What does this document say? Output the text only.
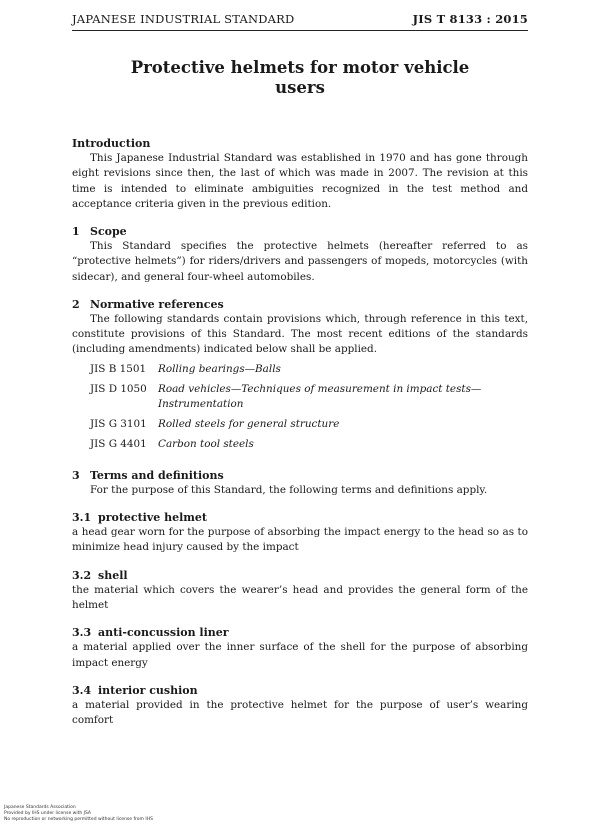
JAPANESE INDUSTRIAL STANDARD	JIS T 8133 : 2015
Protective helmets for motor vehicle
users

Introduction

This Japanese Industrial Standard was established in 1970 and has gone through eight revisions since then, the last of which was made in 2007. The revision at this time is intended to eliminate ambiguities recognized in the test method and acceptance criteria given in the previous edition.

1 Scope

This Standard specifies the protective helmets (hereafter referred to as “protective helmets”) for riders/drivers and passengers of mopeds, motorcycles (with sidecar), and general four-wheel automobiles.

2 Normative references

The following standards contain provisions which, through reference in this text, constitute provisions of this Standard. The most recent editions of the standards (including amendments) indicated below shall be applied.

JIS B 1501	Rolling bearings—Balls
JIS D 1050	Road vehicles—Techniques of measurement in impact tests—Instrumentation
JIS G 3101	Rolled steels for general structure
JIS G 4401	Carbon tool steels

3 Terms and definitions

For the purpose of this Standard, the following terms and definitions apply.

3.1 protective helmet

a head gear worn for the purpose of absorbing the impact energy to the head so as to minimize head injury caused by the impact

3.2 shell

the material which covers the wearer’s head and provides the general form of the helmet

3.3 anti-concussion liner

a material applied over the inner surface of the shell for the purpose of absorbing impact energy

3.4 interior cushion

a material provided in the protective helmet for the purpose of user’s wearing comfort

Japanese Standards Association
Provided by IHS under license with JSA
No reproduction or networking permitted without license from IHS
